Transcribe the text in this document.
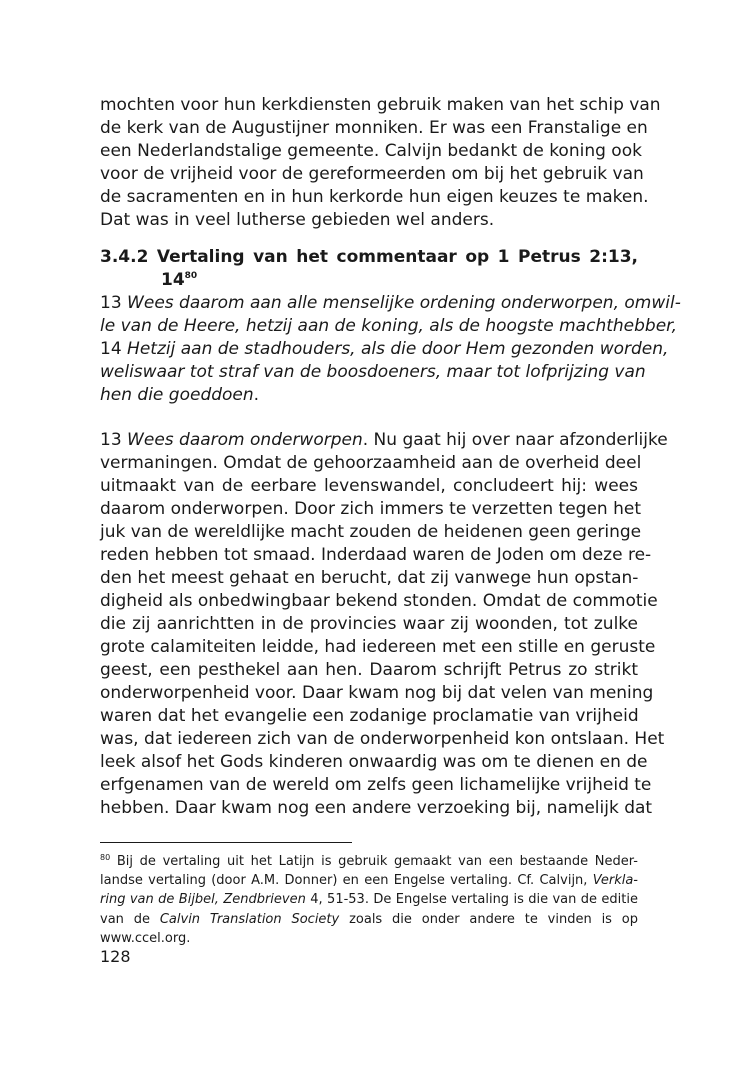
mochten voor hun kerkdiensten gebruik maken van het schip van
de kerk van de Augustijner monniken. Er was een Franstalige en
een Nederlandstalige gemeente. Calvijn bedankt de koning ook
voor de vrijheid voor de gereformeerden om bij het gebruik van
de sacramenten en in hun kerkorde hun eigen keuzes te maken.
Dat was in veel lutherse gebieden wel anders.
3.4.2 Vertaling van het commentaar op 1 Petrus 2:13,
$14^{80}$
13 Wees daarom aan alle menselijke ordening onderworpen, omwil-
le van de Heere, hetzij aan de koning, als de hoogste machthebber,
14 Hetzij aan de stadhouders, als die door Hem gezonden worden,
weliswaar tot straf van de boosdoeners, maar tot lofprijzing van
hen die goeddoen.
13 Wees daarom onderworpen. Nu gaat hij over naar afzonderlijke
vermaningen. Omdat de gehoorzaamheid aan de overheid deel
uitmaakt van de eerbare levenswandel, concludeert hij: wees
daarom onderworpen. Door zich immers te verzetten tegen het
juk van de wereldlijke macht zouden de heidenen geen geringe
reden hebben tot smaad. Inderdaad waren de Joden om deze re-
den het meest gehaat en berucht, dat zij vanwege hun opstan-
digheid als onbedwingbaar bekend stonden. Omdat de commotie
die zij aanrichtten in de provincies waar zij woonden, tot zulke
grote calamiteiten leidde, had iedereen met een stille en geruste
geest, een pesthekel aan hen. Daarom schrijft Petrus zo strikt
onderworpenheid voor. Daar kwam nog bij dat velen van mening
waren dat het evangelie een zodanige proclamatie van vrijheid
was, dat iedereen zich van de onderworpenheid kon ontslaan. Het
leek alsof het Gods kinderen onwaardig was om te dienen en de
erfgenamen van de wereld om zelfs geen lichamelijke vrijheid te
hebben. Daar kwam nog een andere verzoeking bij, namelijk dat
$^{80}$ Bij de vertaling uit het Latijn is gebruik gemaakt van een bestaande Neder-
landse vertaling (door A.M. Donner) en een Engelse vertaling. Cf. Calvijn, Verkla-
ring van de Bijbel, Zendbrieven 4, 51-53. De Engelse vertaling is die van de editie
van de Calvin Translation Society zoals die onder andere te vinden is op
www.ccel.org.
128
